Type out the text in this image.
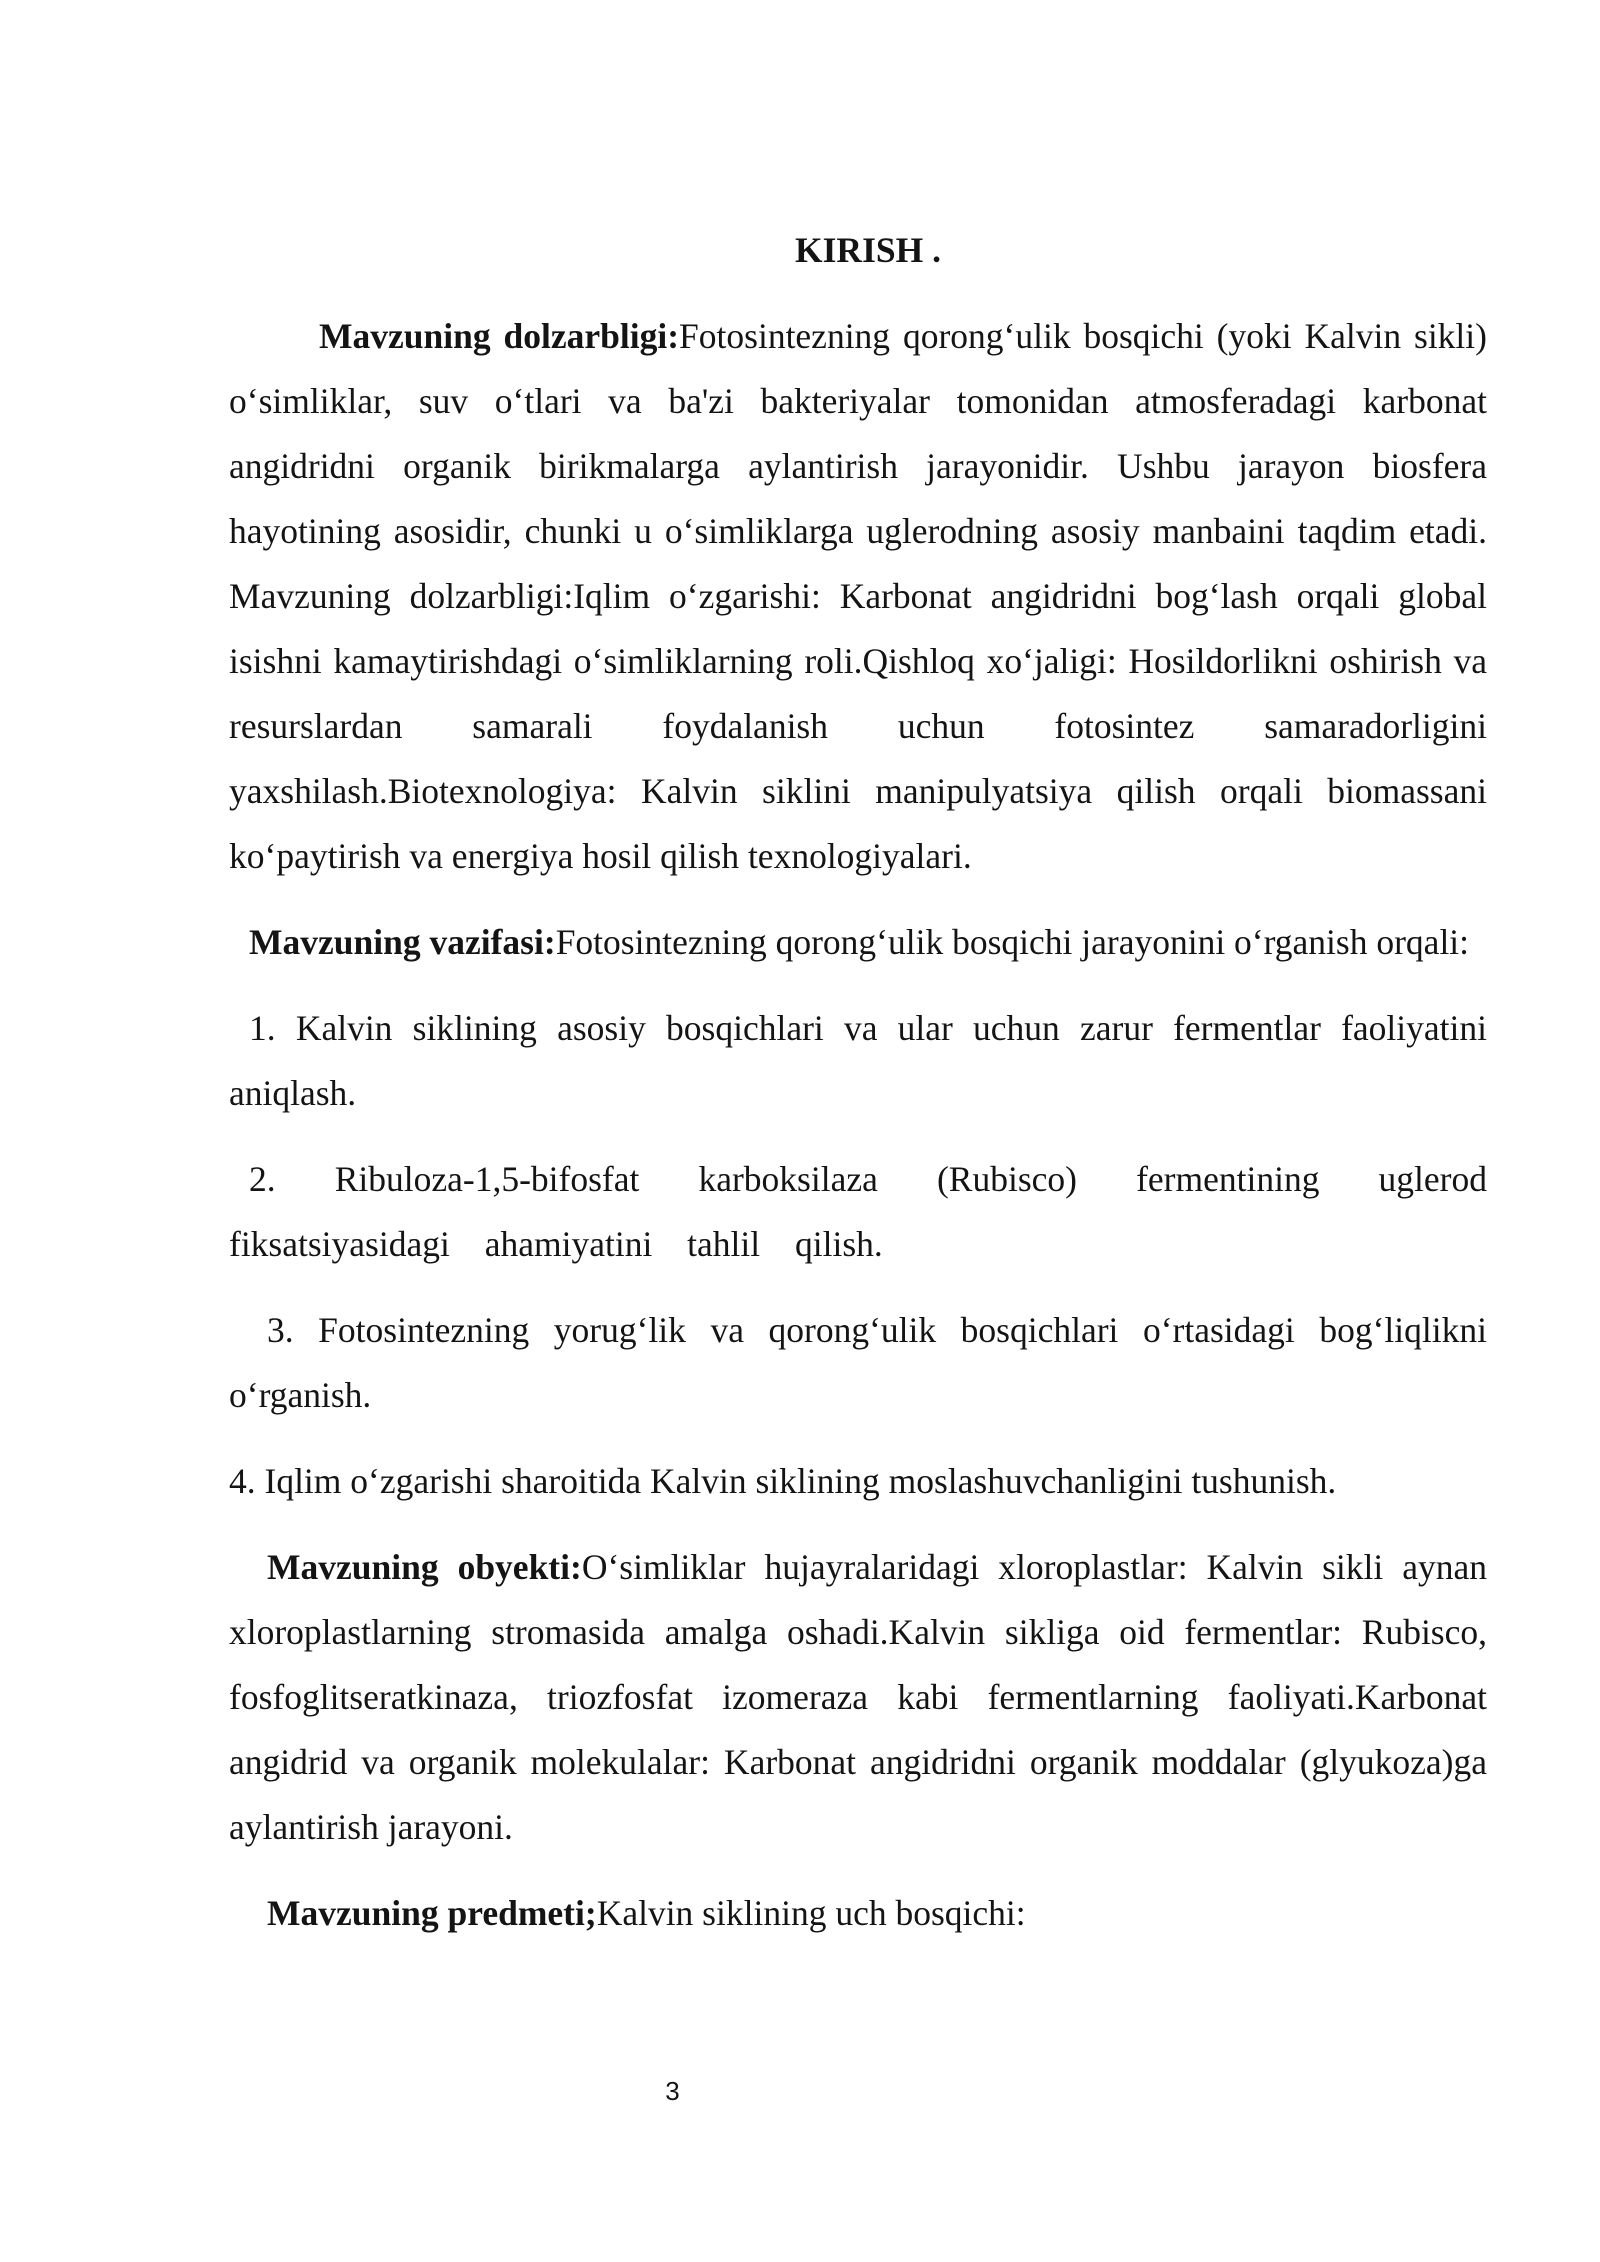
KIRISH .

Mavzuning dolzarbligi:Fotosintezning qorong‘ulik bosqichi (yoki Kalvin sikli) o‘simliklar, suv o‘tlari va ba'zi bakteriyalar tomonidan atmosferadagi karbonat angidridni organik birikmalarga aylantirish jarayonidir. Ushbu jarayon biosfera hayotining asosidir, chunki u o‘simliklarga uglerodning asosiy manbaini taqdim etadi. Mavzuning dolzarbligi:Iqlim o‘zgarishi: Karbonat angidridni bog‘lash orqali global isishni kamaytirishdagi o‘simliklarning roli.Qishloq xo‘jaligi: Hosildorlikni oshirish va resurslardan samarali foydalanish uchun fotosintez samaradorligini yaxshilash.Biotexnologiya: Kalvin siklini manipulyatsiya qilish orqali biomassani ko‘paytirish va energiya hosil qilish texnologiyalari.

Mavzuning vazifasi:Fotosintezning qorong‘ulik bosqichi jarayonini o‘rganish orqali:

1. Kalvin siklining asosiy bosqichlari va ular uchun zarur fermentlar faoliyatini aniqlash.

2. Ribuloza-1,5-bifosfat karboksilaza (Rubisco) fermentining uglerod fiksatsiyasidagi ahamiyatini tahlil qilish.

3. Fotosintezning yorug‘lik va qorong‘ulik bosqichlari o‘rtasidagi bog‘liqlikni o‘rganish.

4. Iqlim o‘zgarishi sharoitida Kalvin siklining moslashuvchanligini tushunish.

Mavzuning obyekti:O‘simliklar hujayralaridagi xloroplastlar: Kalvin sikli aynan xloroplastlarning stromasida amalga oshadi.Kalvin sikliga oid fermentlar: Rubisco, fosfoglitseratkinaza, triozfosfat izomeraza kabi fermentlarning faoliyati.Karbonat angidrid va organik molekulalar: Karbonat angidridni organik moddalar (glyukoza)ga aylantirish jarayoni.

Mavzuning predmeti;Kalvin siklining uch bosqichi:

3
